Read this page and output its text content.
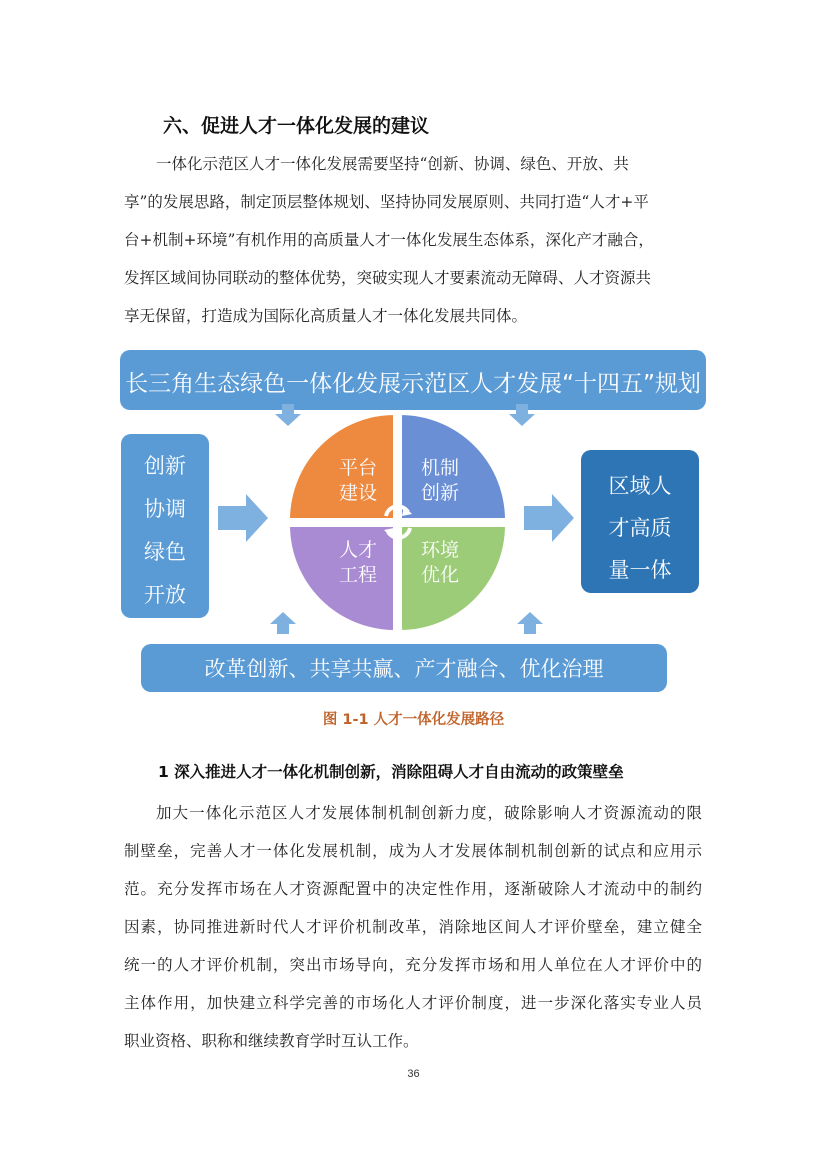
六、促进人才一体化发展的建议
一体化示范区人才一体化发展需要坚持“创新、协调、绿色、开放、共
享”的发展思路，制定顶层整体规划、坚持协同发展原则、共同打造“人才+平
台+机制+环境”有机作用的高质量人才一体化发展生态体系，深化产才融合，
发挥区域间协同联动的整体优势，突破实现人才要素流动无障碍、人才资源共
享无保留，打造成为国际化高质量人才一体化发展共同体。
长三角生态绿色一体化发展示范区人才发展“十四五”规划
创新
协调
绿色
开放
平台
建设
机制
创新
人才
工程
环境
优化
区域人
才高质
量一体
改革创新、共享共赢、产才融合、优化治理
图 1-1 人才一体化发展路径
1 深入推进人才一体化机制创新，消除阻碍人才自由流动的政策壁垒
加大一体化示范区人才发展体制机制创新力度，破除影响人才资源流动的限
制壁垒，完善人才一体化发展机制，成为人才发展体制机制创新的试点和应用示
范。充分发挥市场在人才资源配置中的决定性作用，逐渐破除人才流动中的制约
因素，协同推进新时代人才评价机制改革，消除地区间人才评价壁垒，建立健全
统一的人才评价机制，突出市场导向，充分发挥市场和用人单位在人才评价中的
主体作用，加快建立科学完善的市场化人才评价制度，进一步深化落实专业人员
职业资格、职称和继续教育学时互认工作。
36
